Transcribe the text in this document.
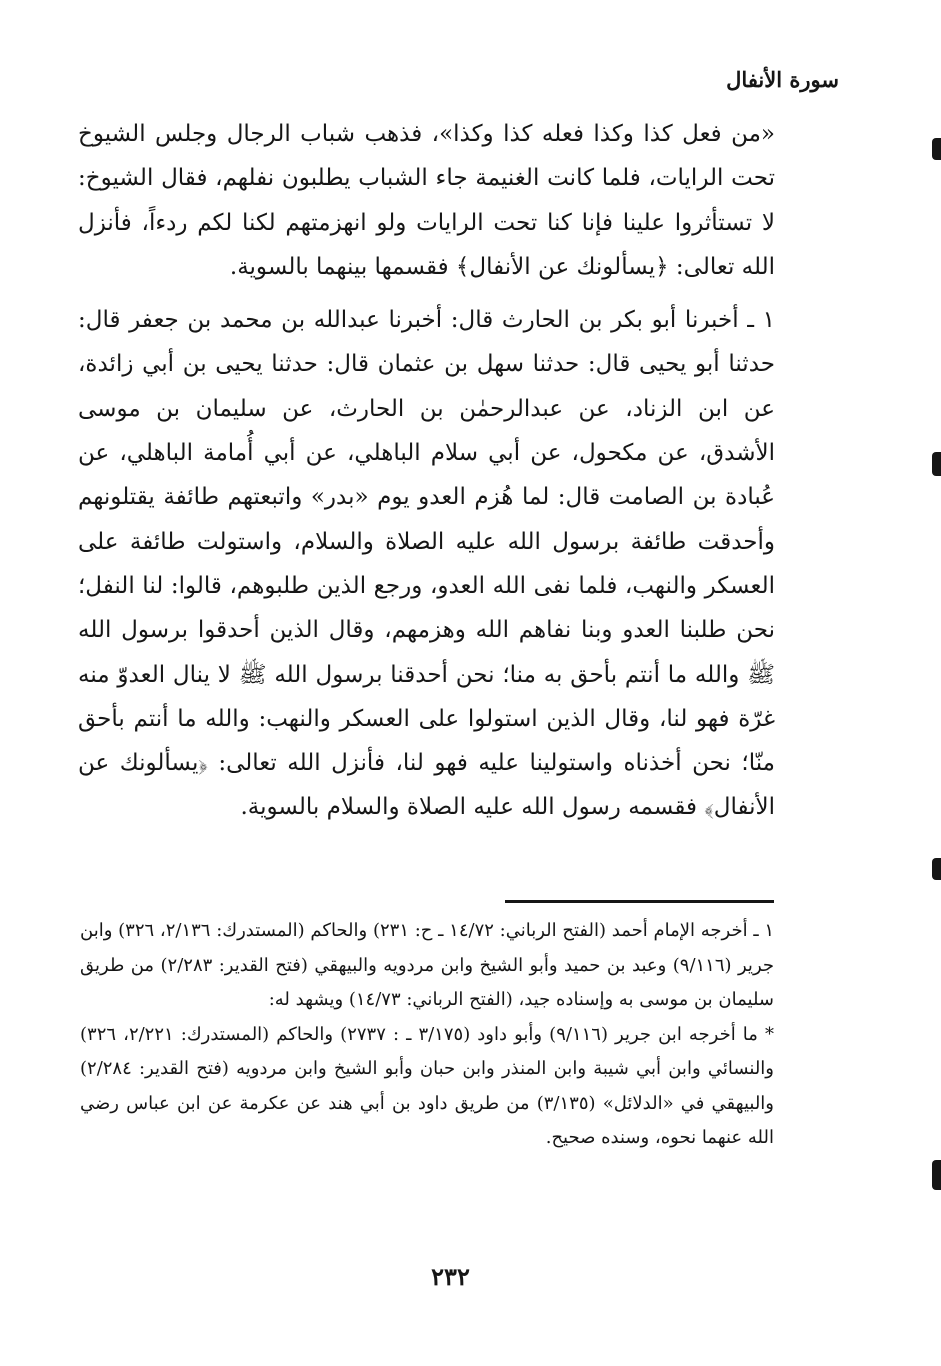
سورة الأنفال

«من فعل كذا وكذا فعله كذا وكذا»، فذهب شباب الرجال وجلس الشيوخ تحت الرايات، فلما كانت الغنيمة جاء الشباب يطلبون نفلهم، فقال الشيوخ: لا تستأثروا علينا فإنا كنا تحت الرايات ولو انهزمتهم لكنا لكم ردءاً، فأنزل الله تعالى: ﴿يسألونك عن الأنفال﴾ فقسمها بينهما بالسوية.

١ ـ أخبرنا أبو بكر بن الحارث قال: أخبرنا عبدالله بن محمد بن جعفر قال: حدثنا أبو يحيى قال: حدثنا سهل بن عثمان قال: حدثنا يحيى بن أبي زائدة، عن ابن الزناد، عن عبدالرحمٰن بن الحارث، عن سليمان بن موسى الأشدق، عن مكحول، عن أبي سلام الباهلي، عن أبي أُمامة الباهلي، عن عُبادة بن الصامت قال: لما هُزم العدو يوم «بدر» واتبعتهم طائفة يقتلونهم وأحدقت طائفة برسول الله عليه الصلاة والسلام، واستولت طائفة على العسكر والنهب، فلما نفى الله العدو، ورجع الذين طلبوهم، قالوا: لنا النفل؛ نحن طلبنا العدو وبنا نفاهم الله وهزمهم، وقال الذين أحدقوا برسول الله ﷺ والله ما أنتم بأحق به منا؛ نحن أحدقنا برسول الله ﷺ لا ينال العدوّ منه غرّة فهو لنا، وقال الذين استولوا على العسكر والنهب: والله ما أنتم بأحق منّا؛ نحن أخذناه واستولينا عليه فهو لنا، فأنزل الله تعالى: ﴿يسألونك عن الأنفال﴾ فقسمه رسول الله عليه الصلاة والسلام بالسوية.

١ ـ أخرجه الإمام أحمد (الفتح الرباني: ١٤/٧٢ ـ ح: ٢٣١) والحاكم (المستدرك: ٢/١٣٦، ٣٢٦) وابن جرير (٩/١١٦) وعبد بن حميد وأبو الشيخ وابن مردويه والبيهقي (فتح القدير: ٢/٢٨٣) من طريق سليمان بن موسى به وإسناده جيد، (الفتح الرباني: ١٤/٧٣) ويشهد له:

* ما أخرجه ابن جرير (٩/١١٦) وأبو داود (٣/١٧٥ ـ : ٢٧٣٧) والحاكم (المستدرك: ٢/٢٢١، ٣٢٦) والنسائي وابن أبي شيبة وابن المنذر وابن حبان وأبو الشيخ وابن مردويه (فتح القدير: ٢/٢٨٤) والبيهقي في «الدلائل» (٣/١٣٥) من طريق داود بن أبي هند عن عكرمة عن ابن عباس رضي الله عنهما نحوه، وسنده صحيح.

٢٣٢
